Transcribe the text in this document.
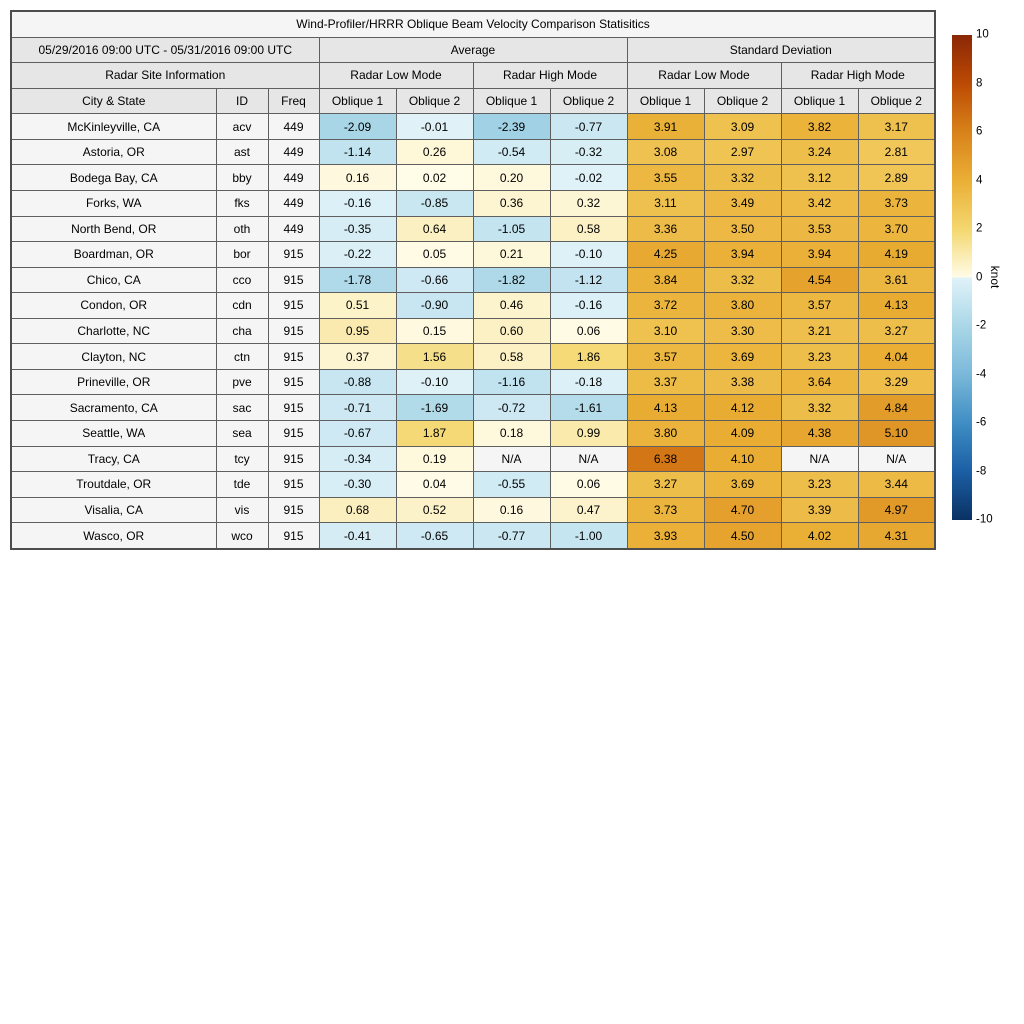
Wind-Profiler/HRRR Oblique Beam Velocity Comparison Statisitics										
05/29/2016 09:00 UTC - 05/31/2016 09:00 UTC			Average				Standard Deviation			
Radar Site Information			Radar Low Mode		Radar High Mode		Radar Low Mode		Radar High Mode	
City & State	ID	Freq	Oblique 1	Oblique 2	Oblique 1	Oblique 2	Oblique 1	Oblique 2	Oblique 1	Oblique 2
McKinleyville, CA	acv	449	-2.09	-0.01	-2.39	-0.77	3.91	3.09	3.82	3.17
Astoria, OR	ast	449	-1.14	0.26	-0.54	-0.32	3.08	2.97	3.24	2.81
Bodega Bay, CA	bby	449	0.16	0.02	0.20	-0.02	3.55	3.32	3.12	2.89
Forks, WA	fks	449	-0.16	-0.85	0.36	0.32	3.11	3.49	3.42	3.73
North Bend, OR	oth	449	-0.35	0.64	-1.05	0.58	3.36	3.50	3.53	3.70
Boardman, OR	bor	915	-0.22	0.05	0.21	-0.10	4.25	3.94	3.94	4.19
Chico, CA	cco	915	-1.78	-0.66	-1.82	-1.12	3.84	3.32	4.54	3.61
Condon, OR	cdn	915	0.51	-0.90	0.46	-0.16	3.72	3.80	3.57	4.13
Charlotte, NC	cha	915	0.95	0.15	0.60	0.06	3.10	3.30	3.21	3.27
Clayton, NC	ctn	915	0.37	1.56	0.58	1.86	3.57	3.69	3.23	4.04
Prineville, OR	pve	915	-0.88	-0.10	-1.16	-0.18	3.37	3.38	3.64	3.29
Sacramento, CA	sac	915	-0.71	-1.69	-0.72	-1.61	4.13	4.12	3.32	4.84
Seattle, WA	sea	915	-0.67	1.87	0.18	0.99	3.80	4.09	4.38	5.10
Tracy, CA	tcy	915	-0.34	0.19	N/A	N/A	6.38	4.10	N/A	N/A
Troutdale, OR	tde	915	-0.30	0.04	-0.55	0.06	3.27	3.69	3.23	3.44
Visalia, CA	vis	915	0.68	0.52	0.16	0.47	3.73	4.70	3.39	4.97
Wasco, OR	wco	915	-0.41	-0.65	-0.77	-1.00	3.93	4.50	4.02	4.31
knot
10
8
6
4
2
0
-2
-4
-6
-8
-10
